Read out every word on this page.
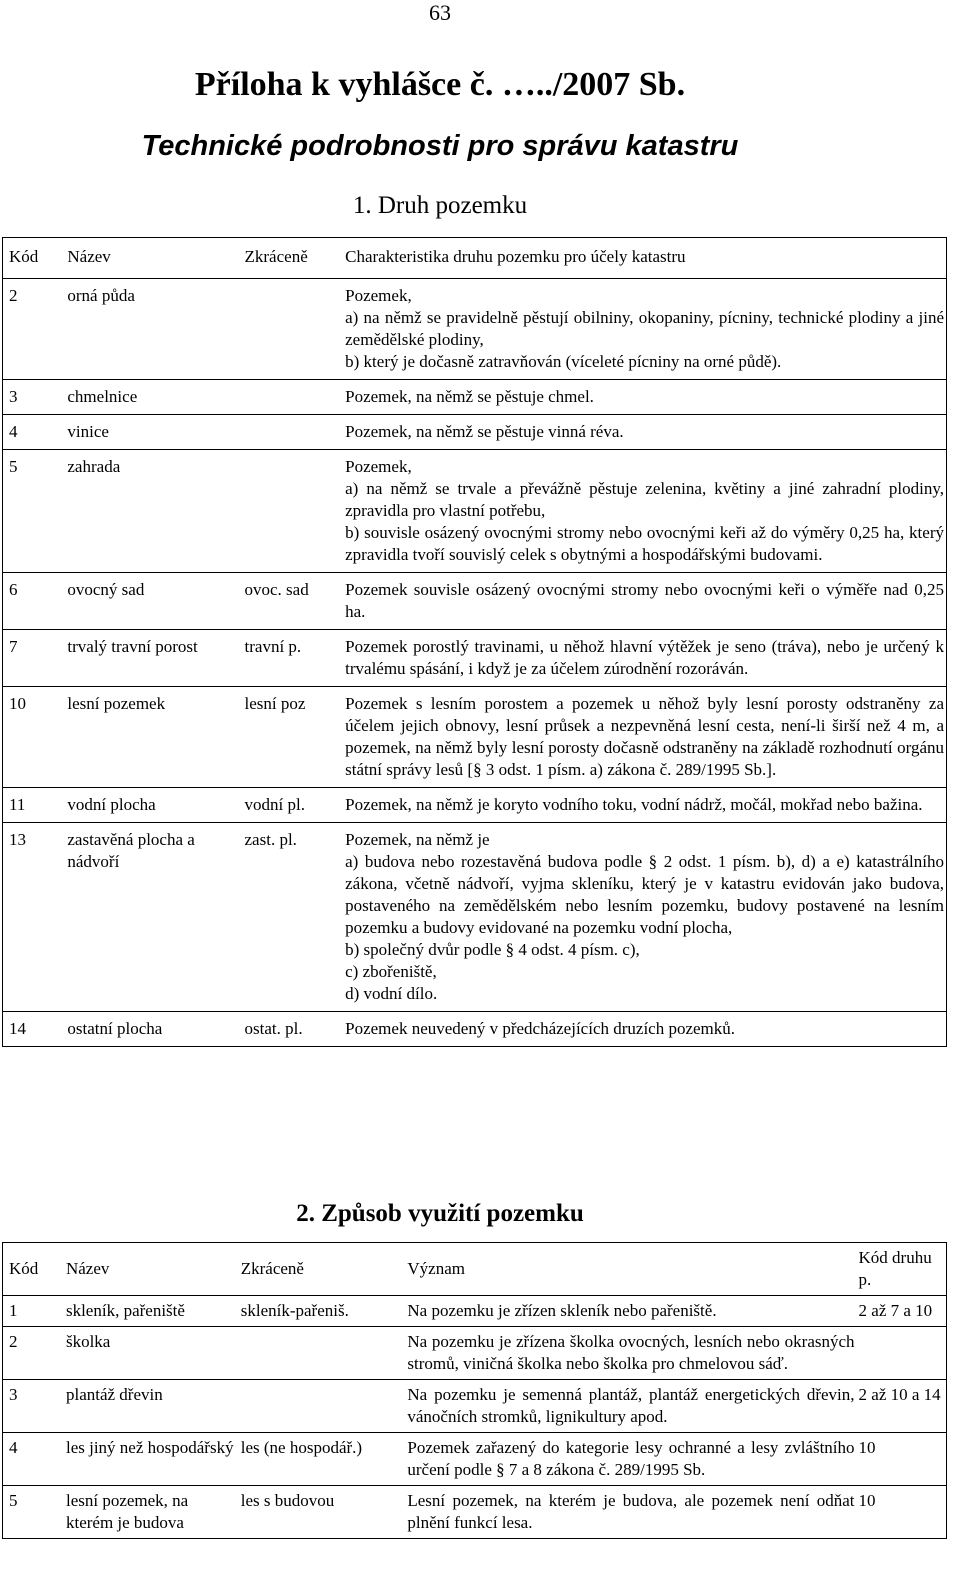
63
Příloha k vyhlášce č. …../2007 Sb.
Technické podrobnosti pro správu katastru
1. Druh pozemku
Kód	Název	Zkráceně	Charakteristika druhu pozemku pro účely katastru
2	orná půda		Pozemek,
a) na němž se pravidelně pěstují obilniny, okopaniny, pícniny, technické plodiny a jiné zemědělské plodiny,
b) který je dočasně zatravňován (víceleté pícniny na orné půdě).

3	chmelnice		Pozemek, na němž se pěstuje chmel.

4	vinice		Pozemek, na němž se pěstuje vinná réva.

5	zahrada		Pozemek,
a) na němž se trvale a převážně pěstuje zelenina, květiny a jiné zahradní plodiny, zpravidla pro vlastní potřebu,
b) souvisle osázený ovocnými stromy nebo ovocnými keři až do výměry 0,25 ha, který zpravidla tvoří souvislý celek s obytnými a hospodářskými budovami.

6	ovocný sad	ovoc. sad	Pozemek souvisle osázený ovocnými stromy nebo ovocnými keři o výměře nad 0,25 ha.

7	trvalý travní porost	travní p.	Pozemek porostlý travinami, u něhož hlavní výtěžek je seno (tráva), nebo je určený k trvalému spásání, i když je za účelem zúrodnění rozoráván.

10	lesní pozemek	lesní poz	Pozemek s lesním porostem a pozemek u něhož byly lesní porosty odstraněny za účelem jejich obnovy, lesní průsek a nezpevněná lesní cesta, není-li širší než 4 m, a pozemek, na němž byly lesní porosty dočasně odstraněny na základě rozhodnutí orgánu státní správy lesů [§ 3 odst. 1 písm. a) zákona č. 289/1995 Sb.].

11	vodní plocha	vodní pl.	Pozemek, na němž je koryto vodního toku, vodní nádrž, močál, mokřad nebo bažina.

13	zastavěná plocha a nádvoří	zast. pl.	Pozemek, na němž je
a) budova nebo rozestavěná budova podle § 2 odst. 1 písm. b), d) a e) katastrálního zákona, včetně nádvoří, vyjma skleníku, který je v katastru evidován jako budova, postaveného na zemědělském nebo lesním pozemku, budovy postavené na lesním pozemku a budovy evidované na pozemku vodní plocha,
b) společný dvůr podle § 4 odst. 4 písm. c),
c) zbořeniště,
d) vodní dílo.

14	ostatní plocha	ostat. pl.	Pozemek neuvedený v předcházejících druzích pozemků.
2. Způsob využití pozemku
Kód	Název	Zkráceně	Význam	Kód druhu p.
1	skleník, pařeniště	skleník-pařeniš.	Na pozemku je zřízen skleník nebo pařeniště.	2 až 7 a 10
2	školka		Na pozemku je zřízena školka ovocných, lesních nebo okrasných stromů, viničná školka nebo školka pro chmelovou sáď.	
3	plantáž dřevin		Na pozemku je semenná plantáž, plantáž energetických dřevin, vánočních stromků, lignikultury apod.	2 až 10 a 14
4	les jiný než hospodářský	les (ne hospodář.)	Pozemek zařazený do kategorie lesy ochranné a lesy zvláštního určení podle § 7 a 8 zákona č. 289/1995 Sb.	10
5	lesní pozemek, na kterém je budova	les s budovou	Lesní pozemek, na kterém je budova, ale pozemek není odňat plnění funkcí lesa.	10
